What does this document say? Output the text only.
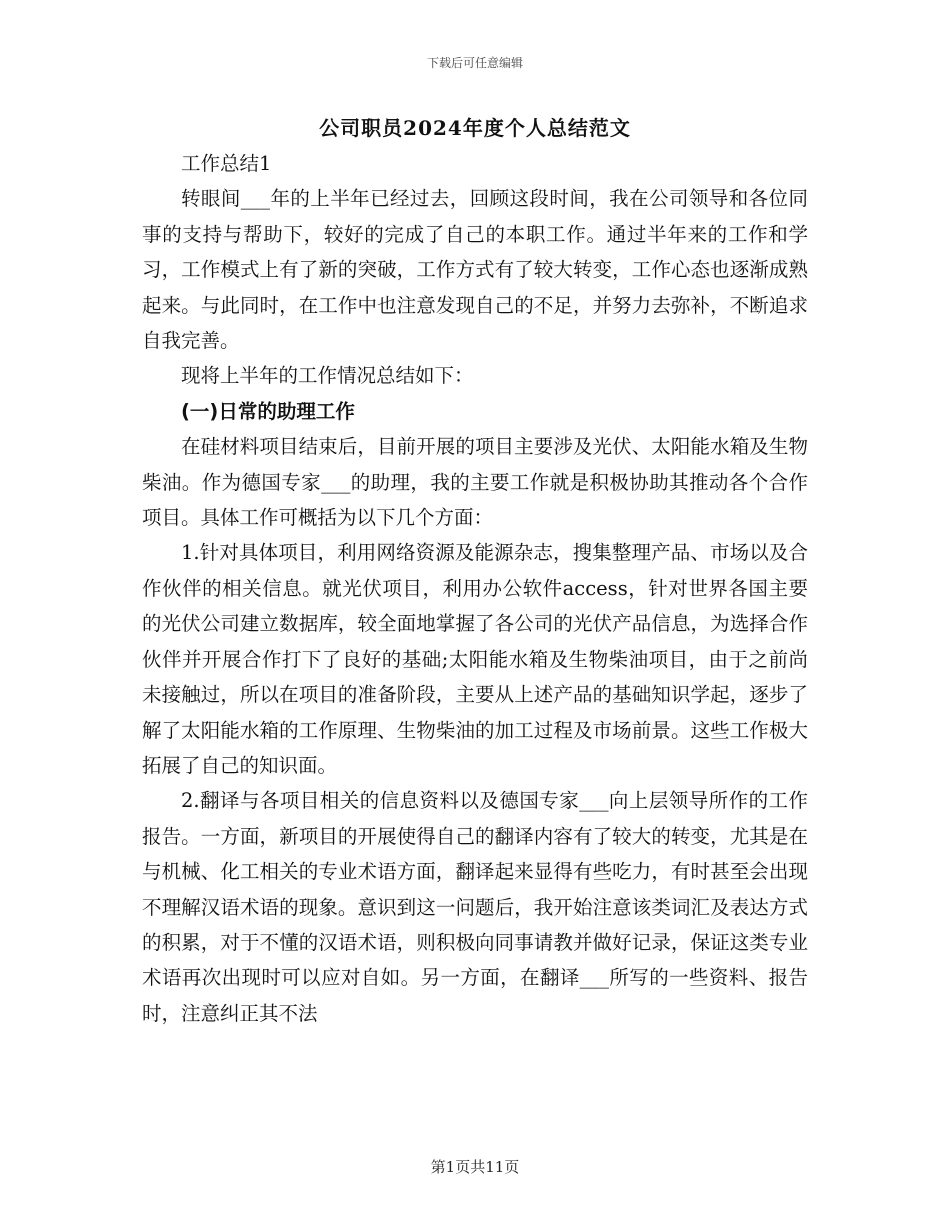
下载后可任意编辑
公司职员2024年度个人总结范文

工作总结1

转眼间___年的上半年已经过去，回顾这段时间，我在公司领导和各位同事的支持与帮助下，较好的完成了自己的本职工作。通过半年来的工作和学习，工作模式上有了新的突破，工作方式有了较大转变，工作心态也逐渐成熟起来。与此同时，在工作中也注意发现自己的不足，并努力去弥补，不断追求自我完善。

现将上半年的工作情况总结如下：

(一)日常的助理工作

在硅材料项目结束后，目前开展的项目主要涉及光伏、太阳能水箱及生物柴油。作为德国专家___的助理，我的主要工作就是积极协助其推动各个合作项目。具体工作可概括为以下几个方面：

1.针对具体项目，利用网络资源及能源杂志，搜集整理产品、市场以及合作伙伴的相关信息。就光伏项目，利用办公软件access，针对世界各国主要的光伏公司建立数据库，较全面地掌握了各公司的光伏产品信息，为选择合作伙伴并开展合作打下了良好的基础;太阳能水箱及生物柴油项目，由于之前尚未接触过，所以在项目的准备阶段，主要从上述产品的基础知识学起，逐步了解了太阳能水箱的工作原理、生物柴油的加工过程及市场前景。这些工作极大拓展了自己的知识面。

2.翻译与各项目相关的信息资料以及德国专家___向上层领导所作的工作报告。一方面，新项目的开展使得自己的翻译内容有了较大的转变，尤其是在与机械、化工相关的专业术语方面，翻译起来显得有些吃力，有时甚至会出现不理解汉语术语的现象。意识到这一问题后，我开始注意该类词汇及表达方式的积累，对于不懂的汉语术语，则积极向同事请教并做好记录，保证这类专业术语再次出现时可以应对自如。另一方面，在翻译___所写的一些资料、报告时，注意纠正其不法

第1页共11页
